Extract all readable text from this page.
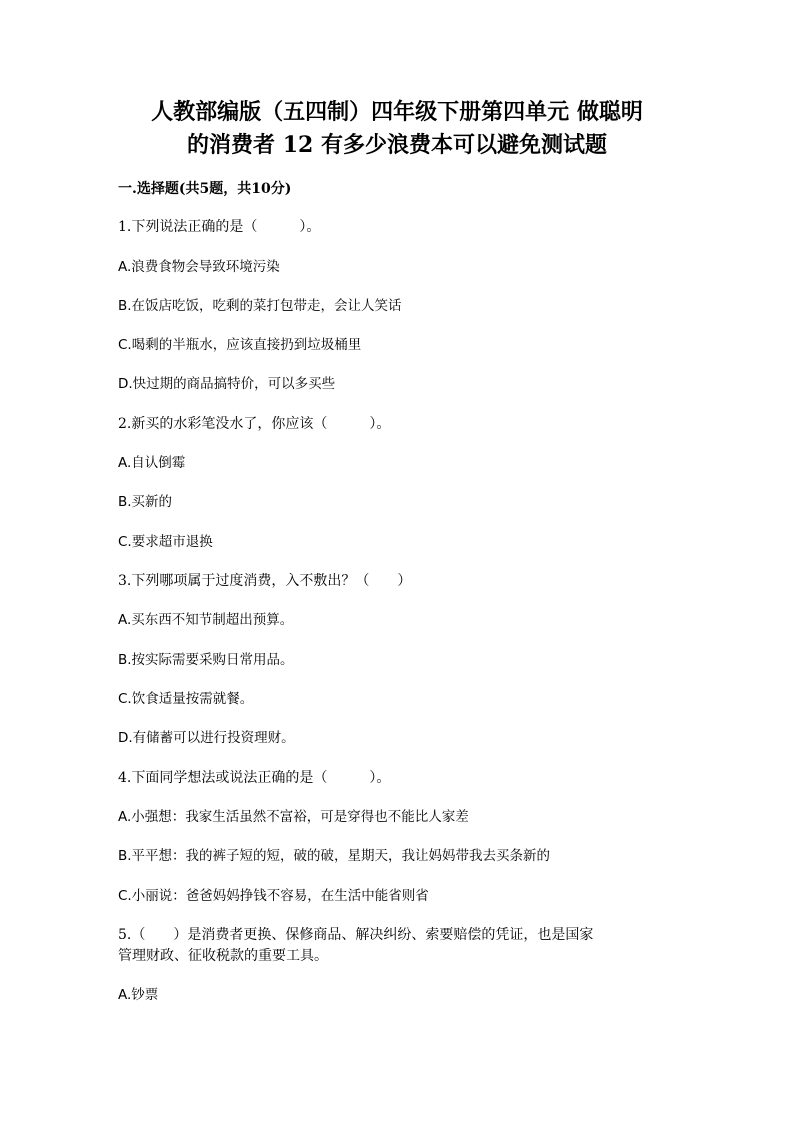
人教部编版（五四制）四年级下册第四单元 做聪明
的消费者 12 有多少浪费本可以避免测试题
一.选择题(共5题，共10分)
1.下列说法正确的是（　　　）。
A.浪费食物会导致环境污染
B.在饭店吃饭，吃剩的菜打包带走，会让人笑话
C.喝剩的半瓶水，应该直接扔到垃圾桶里
D.快过期的商品搞特价，可以多买些
2.新买的水彩笔没水了，你应该（　　　）。
A.自认倒霉
B.买新的
C.要求超市退换
3.下列哪项属于过度消费，入不敷出？（　　）
A.买东西不知节制超出预算。
B.按实际需要采购日常用品。
C.饮食适量按需就餐。
D.有储蓄可以进行投资理财。
4.下面同学想法或说法正确的是（　　　）。
A.小强想：我家生活虽然不富裕，可是穿得也不能比人家差
B.平平想：我的裤子短的短，破的破，星期天，我让妈妈带我去买条新的
C.小丽说：爸爸妈妈挣钱不容易，在生活中能省则省
5.（　　）是消费者更换、保修商品、解决纠纷、索要赔偿的凭证，也是国家
管理财政、征收税款的重要工具。
A.钞票
